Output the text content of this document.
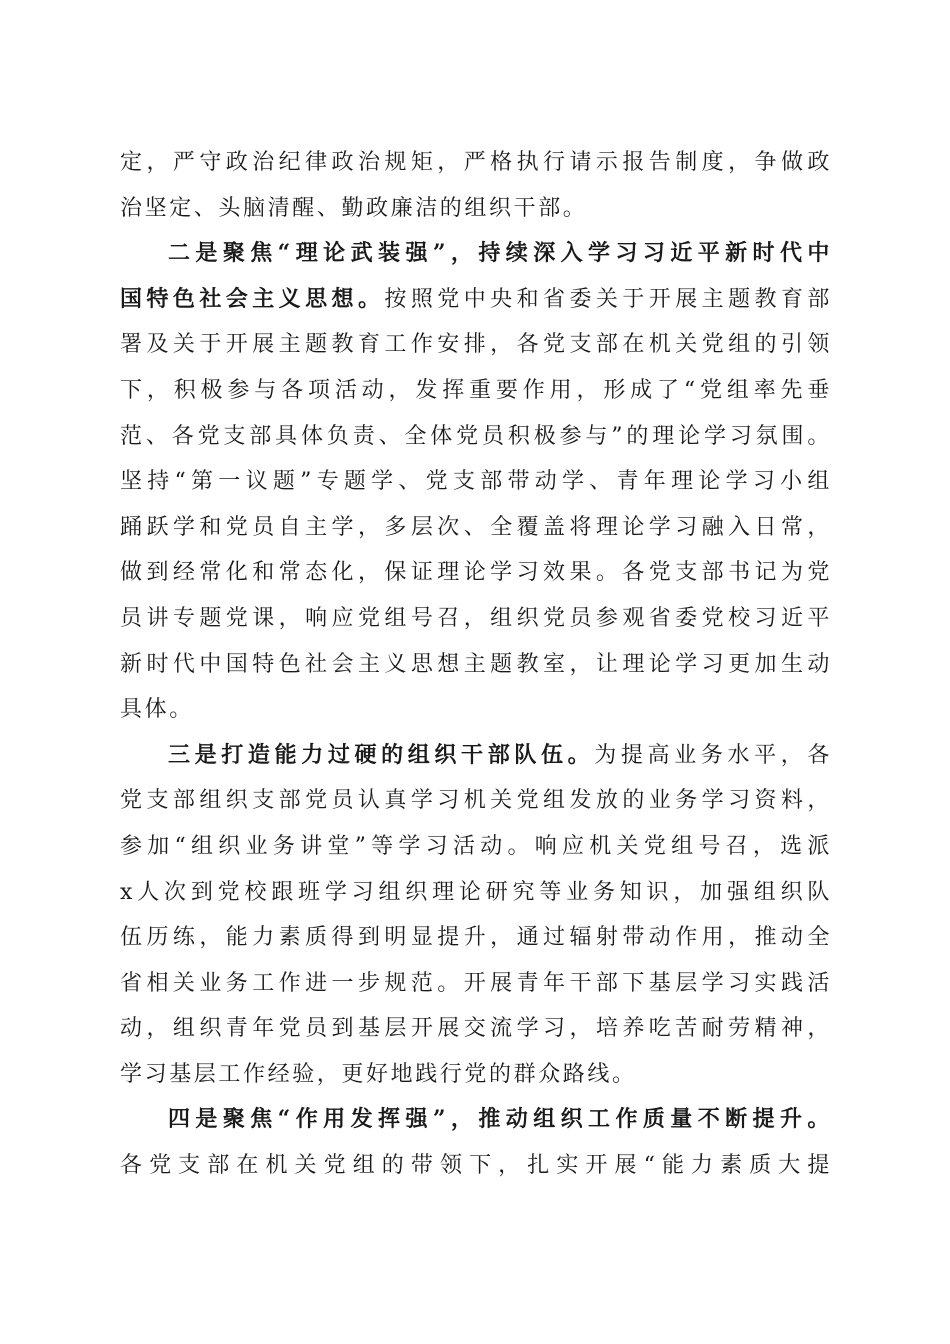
定，严守政治纪律政治规矩，严格执行请示报告制度，争做政
治坚定、头脑清醒、勤政廉洁的组织干部。
二是聚焦“理论武装强”，持续深入学习习近平新时代中
国特色社会主义思想。按照党中央和省委关于开展主题教育部
署及关于开展主题教育工作安排，各党支部在机关党组的引领
下，积极参与各项活动，发挥重要作用，形成了“党组率先垂
范、各党支部具体负责、全体党员积极参与”的理论学习氛围。
坚持“第一议题”专题学、党支部带动学、青年理论学习小组
踊跃学和党员自主学，多层次、全覆盖将理论学习融入日常，
做到经常化和常态化，保证理论学习效果。各党支部书记为党
员讲专题党课，响应党组号召，组织党员参观省委党校习近平
新时代中国特色社会主义思想主题教室，让理论学习更加生动
具体。
三是打造能力过硬的组织干部队伍。为提高业务水平，各
党支部组织支部党员认真学习机关党组发放的业务学习资料，
参加“组织业务讲堂”等学习活动。响应机关党组号召，选派
x人次到党校跟班学习组织理论研究等业务知识，加强组织队
伍历练，能力素质得到明显提升，通过辐射带动作用，推动全
省相关业务工作进一步规范。开展青年干部下基层学习实践活
动，组织青年党员到基层开展交流学习，培养吃苦耐劳精神，
学习基层工作经验，更好地践行党的群众路线。
四是聚焦“作用发挥强”，推动组织工作质量不断提升。
各党支部在机关党组的带领下，扎实开展“能力素质大提
